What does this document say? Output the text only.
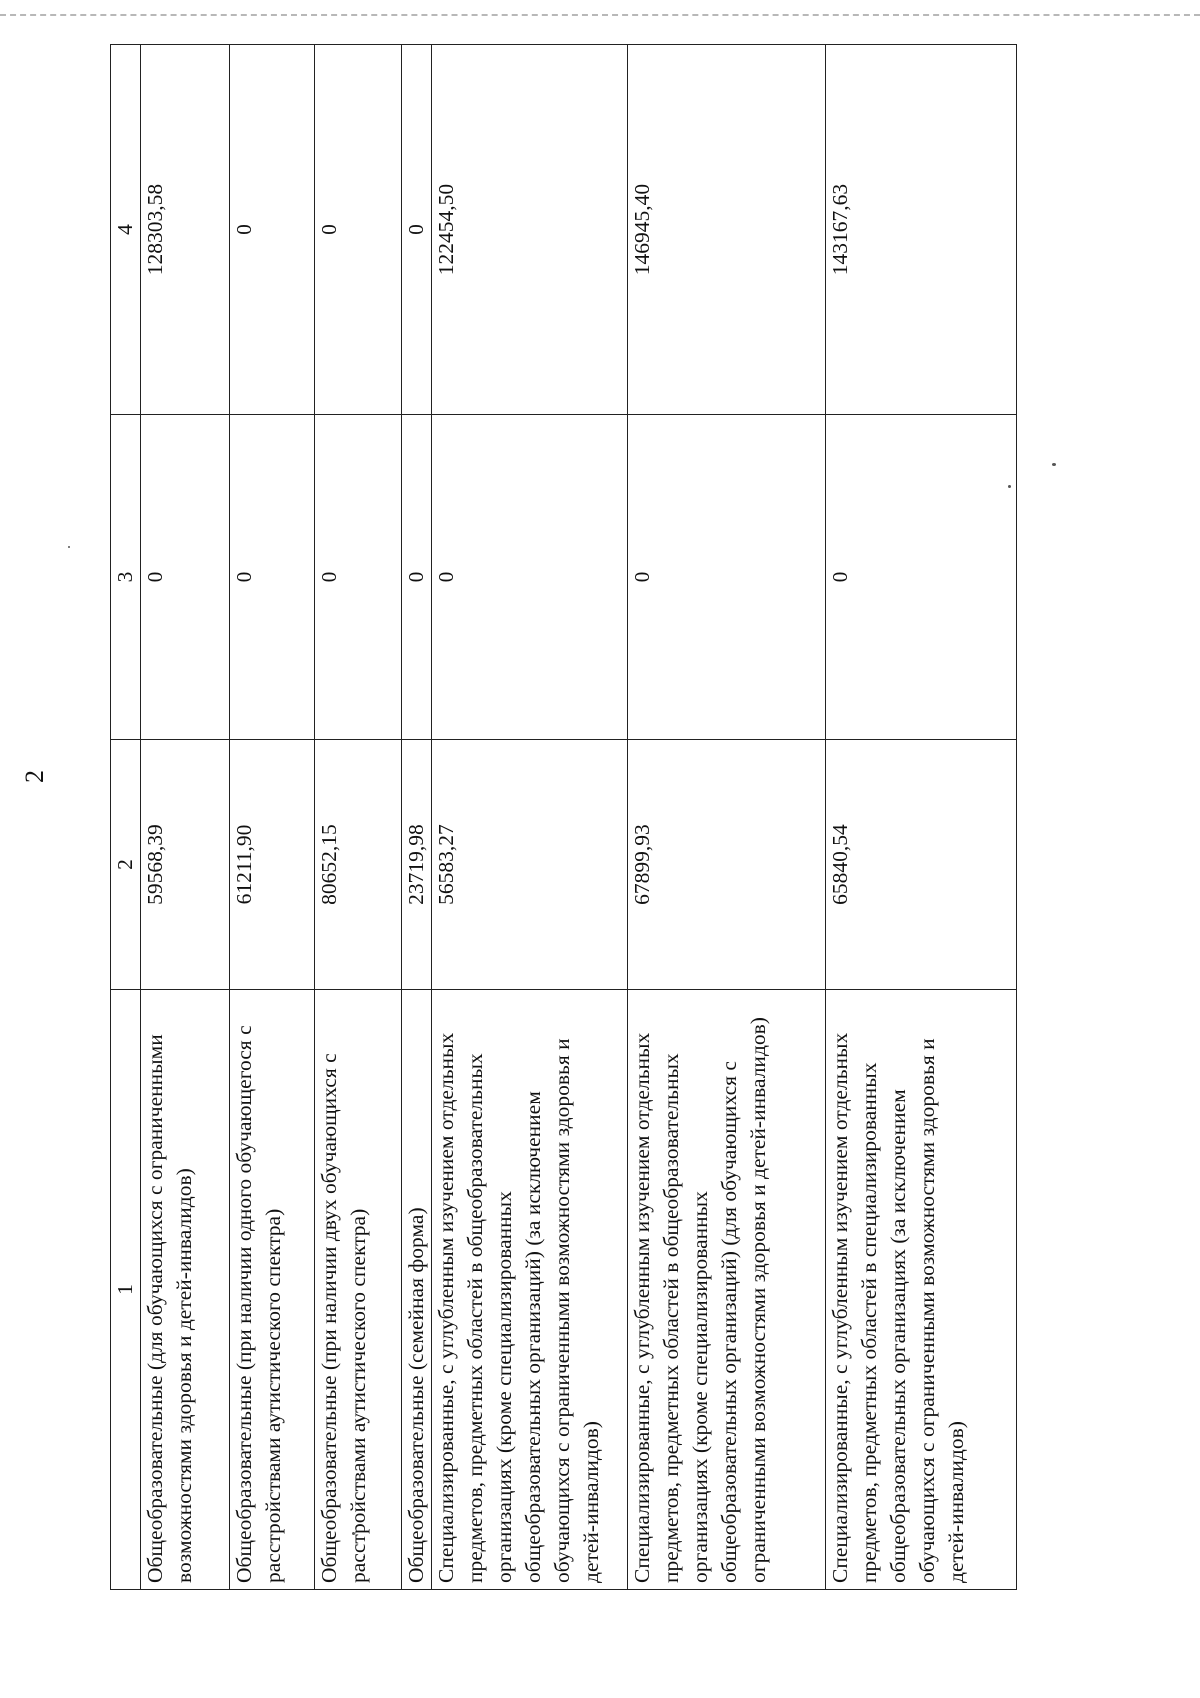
2
1	2	3	4
Общеобразовательные (для обучающихся с ограниченными возможностями здоровья и детей-инвалидов)	59568,39	0	128303,58
Общеобразовательные (при наличии одного обучающегося с расстройствами аутистического спектра)	61211,90	0	0
Общеобразовательные (при наличии двух обучающихся с расстройствами аутистического спектра)	80652,15	0	0
Общеобразовательные (семейная форма)	23719,98	0	0
Специализированные, с углубленным изучением отдельных предметов, предметных областей в общеобразовательных организациях (кроме специализированных общеобразовательных организаций) (за исключением обучающихся с ограниченными возможностями здоровья и детей-инвалидов)	56583,27	0	122454,50
Специализированные, с углубленным изучением отдельных предметов, предметных областей в общеобразовательных организациях (кроме специализированных общеобразовательных организаций) (для обучающихся с ограниченными возможностями здоровья и детей-инвалидов)	67899,93	0	146945,40
Специализированные, с углубленным изучением отдельных предметов, предметных областей в специализированных общеобразовательных организациях (за исключением обучающихся с ограниченными возможностями здоровья и детей-инвалидов)	65840,54	0	143167,63
